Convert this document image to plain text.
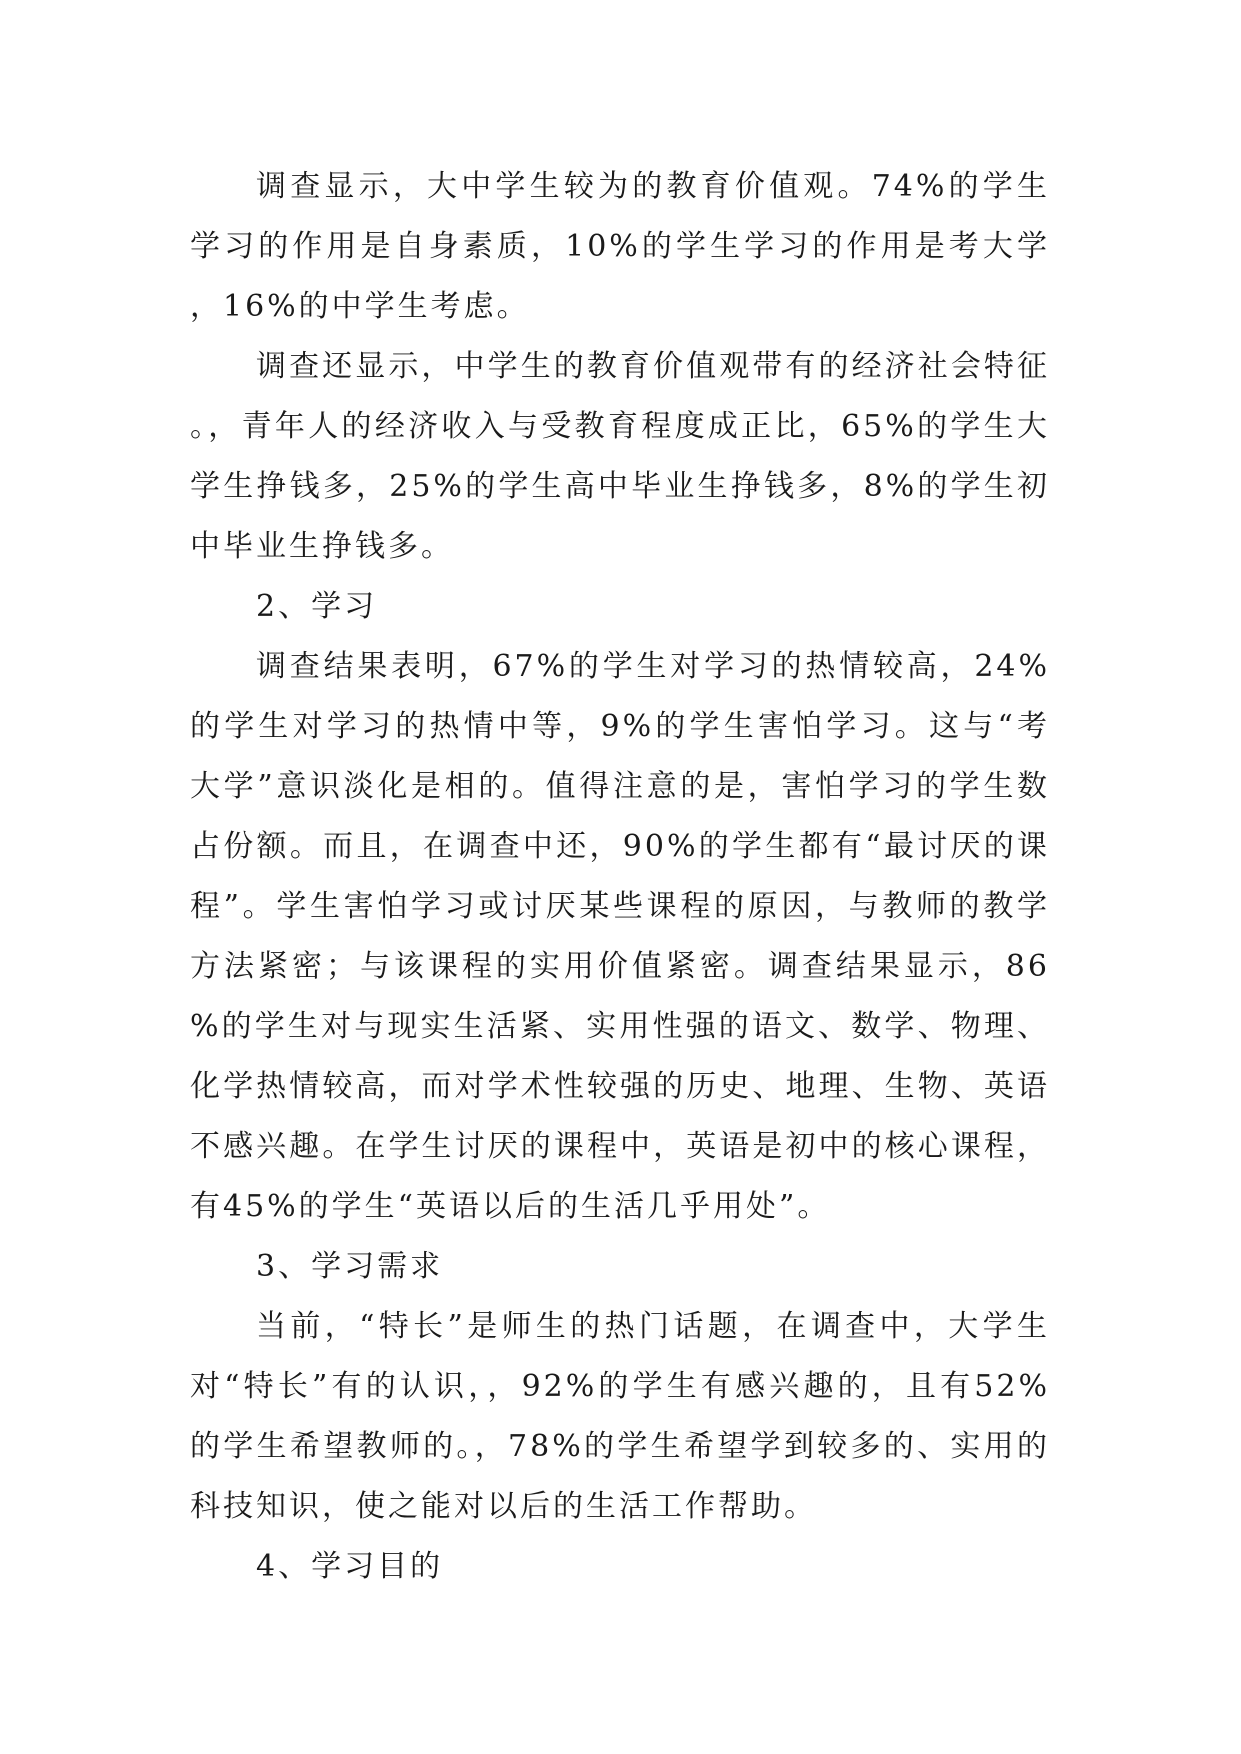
调查显示，大中学生较为的教育价值观。74%的学生学习的作用是自身素质，10%的学生学习的作用是考大学，16%的中学生考虑。

调查还显示，中学生的教育价值观带有的经济社会特征。，青年人的经济收入与受教育程度成正比，65%的学生大学生挣钱多，25%的学生高中毕业生挣钱多，8%的学生初中毕业生挣钱多。

2、学习

调查结果表明，67%的学生对学习的热情较高，24%的学生对学习的热情中等，9%的学生害怕学习。这与“考大学”意识淡化是相的。值得注意的是，害怕学习的学生数占份额。而且，在调查中还，90%的学生都有“最讨厌的课程”。学生害怕学习或讨厌某些课程的原因，与教师的教学方法紧密；与该课程的实用价值紧密。调查结果显示，86%的学生对与现实生活紧、实用性强的语文、数学、物理、化学热情较高，而对学术性较强的历史、地理、生物、英语不感兴趣。在学生讨厌的课程中，英语是初中的核心课程，有45%的学生“英语以后的生活几乎用处”。

3、学习需求

当前，“特长”是师生的热门话题，在调查中，大学生对“特长”有的认识，，92%的学生有感兴趣的，且有52%的学生希望教师的。，78%的学生希望学到较多的、实用的科技知识，使之能对以后的生活工作帮助。

4、学习目的
